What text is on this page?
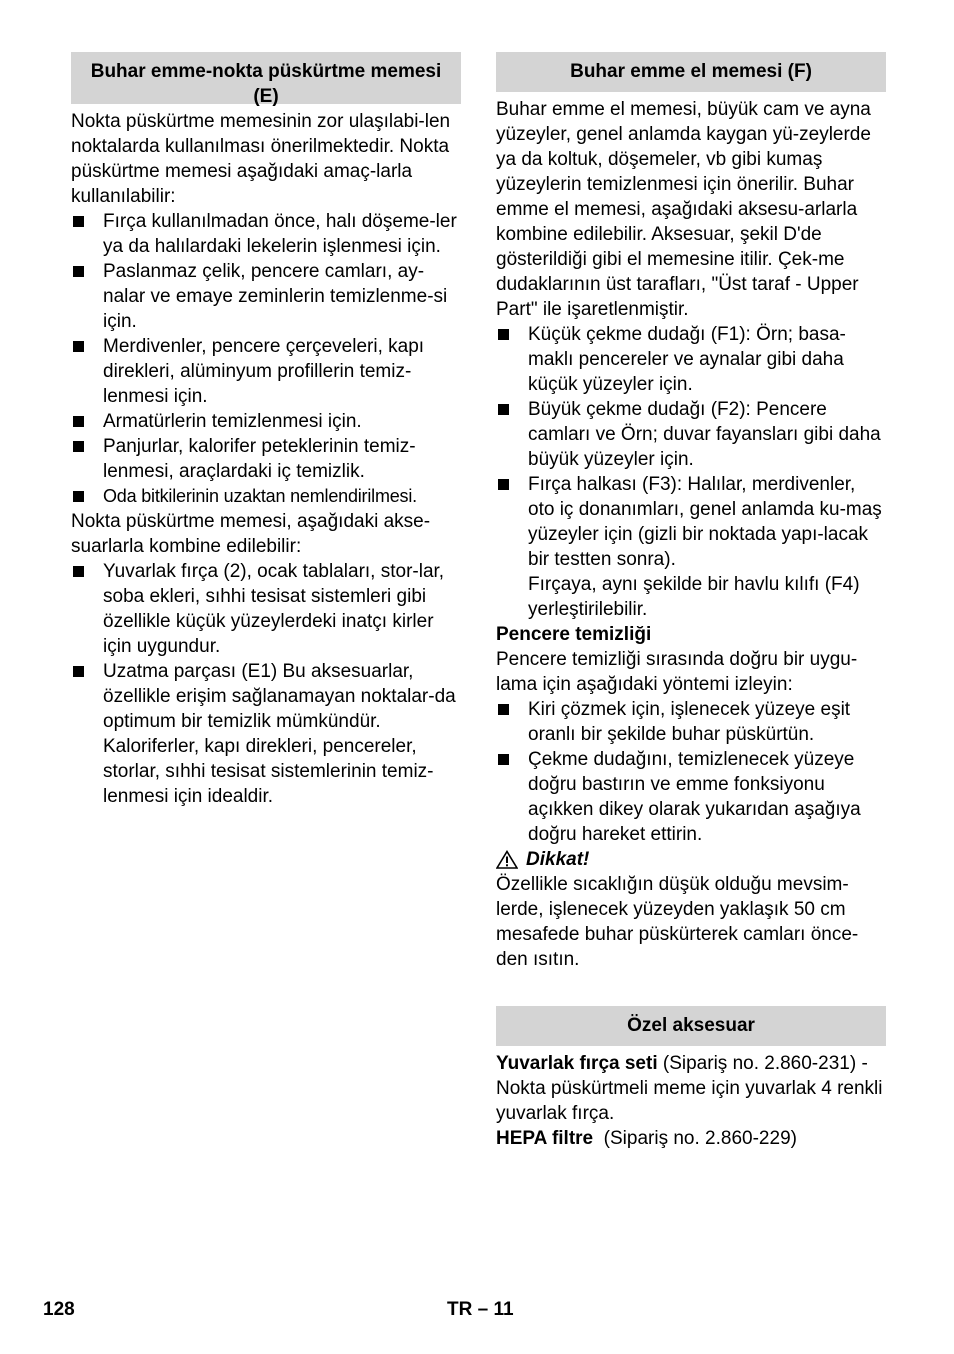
Buhar emme-nokta püskürtme memesi (E)

Nokta püskürtme memesinin zor ulaşılabi-len noktalarda kullanılması önerilmektedir. Nokta püskürtme memesi aşağıdaki amaç-larla kullanılabilir:

Fırça kullanılmadan önce, halı döşeme-ler ya da halılardaki lekelerin işlenmesi için.
Paslanmaz çelik, pencere camları, ay-nalar ve emaye zeminlerin temizlenme-si için.
Merdivenler, pencere çerçeveleri, kapı direkleri, alüminyum profillerin temiz-lenmesi için.
Armatürlerin temizlenmesi için.
Panjurlar, kalorifer peteklerinin temiz-lenmesi, araçlardaki iç temizlik.
Oda bitkilerinin uzaktan nemlendirilmesi.

Nokta püskürtme memesi, aşağıdaki akse-suarlarla kombine edilebilir:

Yuvarlak fırça (2), ocak tablaları, stor-lar, soba ekleri, sıhhi tesisat sistemleri gibi özellikle küçük yüzeylerdeki inatçı kirler için uygundur.
Uzatma parçası (E1) Bu aksesuarlar, özellikle erişim sağlanamayan noktalar-da optimum bir temizlik mümkündür. Kaloriferler, kapı direkleri, pencereler, storlar, sıhhi tesisat sistemlerinin temiz-lenmesi için idealdir.
Buhar emme el memesi (F)

Buhar emme el memesi, büyük cam ve ayna yüzeyler, genel anlamda kaygan yü-zeylerde ya da koltuk, döşemeler, vb gibi kumaş yüzeylerin temizlenmesi için önerilir. Buhar emme el memesi, aşağıdaki aksesu-arlarla kombine edilebilir. Aksesuar, şekil D'de gösterildiği gibi el memesine itilir. Çek-me dudaklarının üst tarafları, "Üst taraf - Upper Part" ile işaretlenmiştir.

Küçük çekme dudağı (F1): Örn; basa-maklı pencereler ve aynalar gibi daha küçük yüzeyler için.
Büyük çekme dudağı (F2): Pencere camları ve Örn; duvar fayansları gibi daha büyük yüzeyler için.
Fırça halkası (F3): Halılar, merdivenler, oto iç donanımları, genel anlamda ku-maş yüzeyler için (gizli bir noktada yapı-lacak bir testten sonra).
Fırçaya, aynı şekilde bir havlu kılıfı (F4) yerleştirilebilir.
Pencere temizliği

Pencere temizliği sırasında doğru bir uygu-lama için aşağıdaki yöntemi izleyin:

Kiri çözmek için, işlenecek yüzeye eşit oranlı bir şekilde buhar püskürtün.
Çekme dudağını, temizlenecek yüzeye doğru bastırın ve emme fonksiyonu açıkken dikey olarak yukarıdan aşağıya doğru hareket ettirin.
Dikkat!

Özellikle sıcaklığın düşük olduğu mevsim-lerde, işlenecek yüzeyden yaklaşık 50 cm mesafede buhar püskürterek camları önce-den ısıtın.

Özel aksesuar

Yuvarlak fırça seti (Sipariş no. 2.860-231) - Nokta püskürtmeli meme için yuvarlak 4 renkli yuvarlak fırça.

HEPA filtre  (Sipariş no. 2.860-229)

128	TR – 11
